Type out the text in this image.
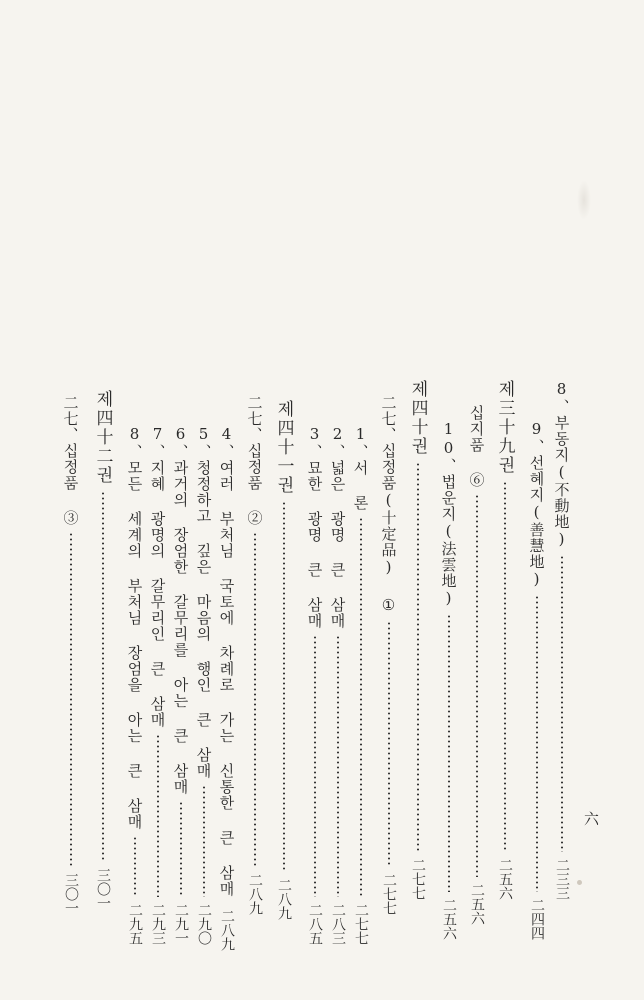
六
8、부동지(不動地)
二三三
9、선혜지(善慧地)
二四四
제三十九권
二五六
십지품 ⑥
二五六
10、법운지(法雲地)
二五六
제四十권
二七七
二七、십정품(十定品) ①
二七七
1、서 론
二七七
2、넓은 광명 큰 삼매
二八三
3、묘한 광명 큰 삼매
二八五
제四十一권
二八九
二七、십정품 ②
二八九
4、여러 부처님 국토에 차례로 가는 신통한 큰 삼매
二八九
5、청정하고 깊은 마음의 행인 큰 삼매
二九〇
6、과거의 장엄한 갈무리를 아는 큰 삼매
二九一
7、지혜 광명의 갈무리인 큰 삼매
二九三
8、모든 세계의 부처님 장엄을 아는 큰 삼매
二九五
제四十二권
三〇一
二七、십정품 ③
三〇一
